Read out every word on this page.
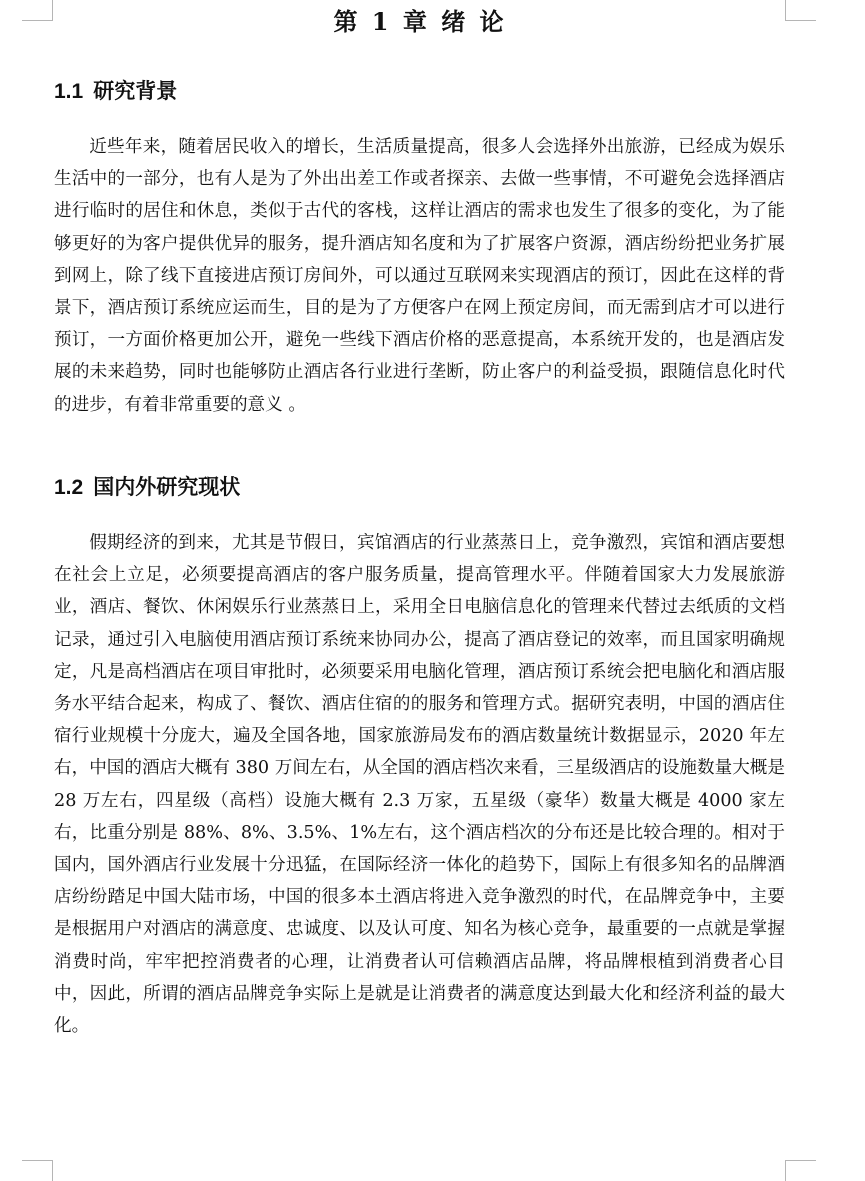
第 1 章 绪 论
1.1 研究背景

近些年来，随着居民收入的增长，生活质量提高，很多人会选择外出旅游，已经成为娱乐生活中的一部分，也有人是为了外出出差工作或者探亲、去做一些事情，不可避免会选择酒店进行临时的居住和休息，类似于古代的客栈，这样让酒店的需求也发生了很多的变化，为了能够更好的为客户提供优异的服务，提升酒店知名度和为了扩展客户资源，酒店纷纷把业务扩展到网上，除了线下直接进店预订房间外，可以通过互联网来实现酒店的预订，因此在这样的背景下，酒店预订系统应运而生，目的是为了方便客户在网上预定房间，而无需到店才可以进行预订，一方面价格更加公开，避免一些线下酒店价格的恶意提高，本系统开发的，也是酒店发展的未来趋势，同时也能够防止酒店各行业进行垄断，防止客户的利益受损，跟随信息化时代的进步，有着非常重要的意义 。

1.2 国内外研究现状

假期经济的到来，尤其是节假日，宾馆酒店的行业蒸蒸日上，竞争激烈，宾馆和酒店要想在社会上立足，必须要提高酒店的客户服务质量，提高管理水平。伴随着国家大力发展旅游业，酒店、餐饮、休闲娱乐行业蒸蒸日上，采用全日电脑信息化的管理来代替过去纸质的文档记录，通过引入电脑使用酒店预订系统来协同办公，提高了酒店登记的效率，而且国家明确规定，凡是高档酒店在项目审批时，必须要采用电脑化管理，酒店预订系统会把电脑化和酒店服务水平结合起来，构成了、餐饮、酒店住宿的的服务和管理方式。据研究表明，中国的酒店住宿行业规模十分庞大，遍及全国各地，国家旅游局发布的酒店数量统计数据显示，2020 年左右，中国的酒店大概有 380 万间左右，从全国的酒店档次来看，三星级酒店的设施数量大概是 28 万左右，四星级（高档）设施大概有 2.3 万家，五星级（豪华）数量大概是 4000 家左右，比重分别是 88%、8%、3.5%、1%左右，这个酒店档次的分布还是比较合理的。相对于国内，国外酒店行业发展十分迅猛，在国际经济一体化的趋势下，国际上有很多知名的品牌酒店纷纷踏足中国大陆市场，中国的很多本土酒店将进入竞争激烈的时代，在品牌竞争中，主要是根据用户对酒店的满意度、忠诚度、以及认可度、知名为核心竞争，最重要的一点就是掌握消费时尚，牢牢把控消费者的心理，让消费者认可信赖酒店品牌，将品牌根植到消费者心目中，因此，所谓的酒店品牌竞争实际上是就是让消费者的满意度达到最大化和经济利益的最大化。
